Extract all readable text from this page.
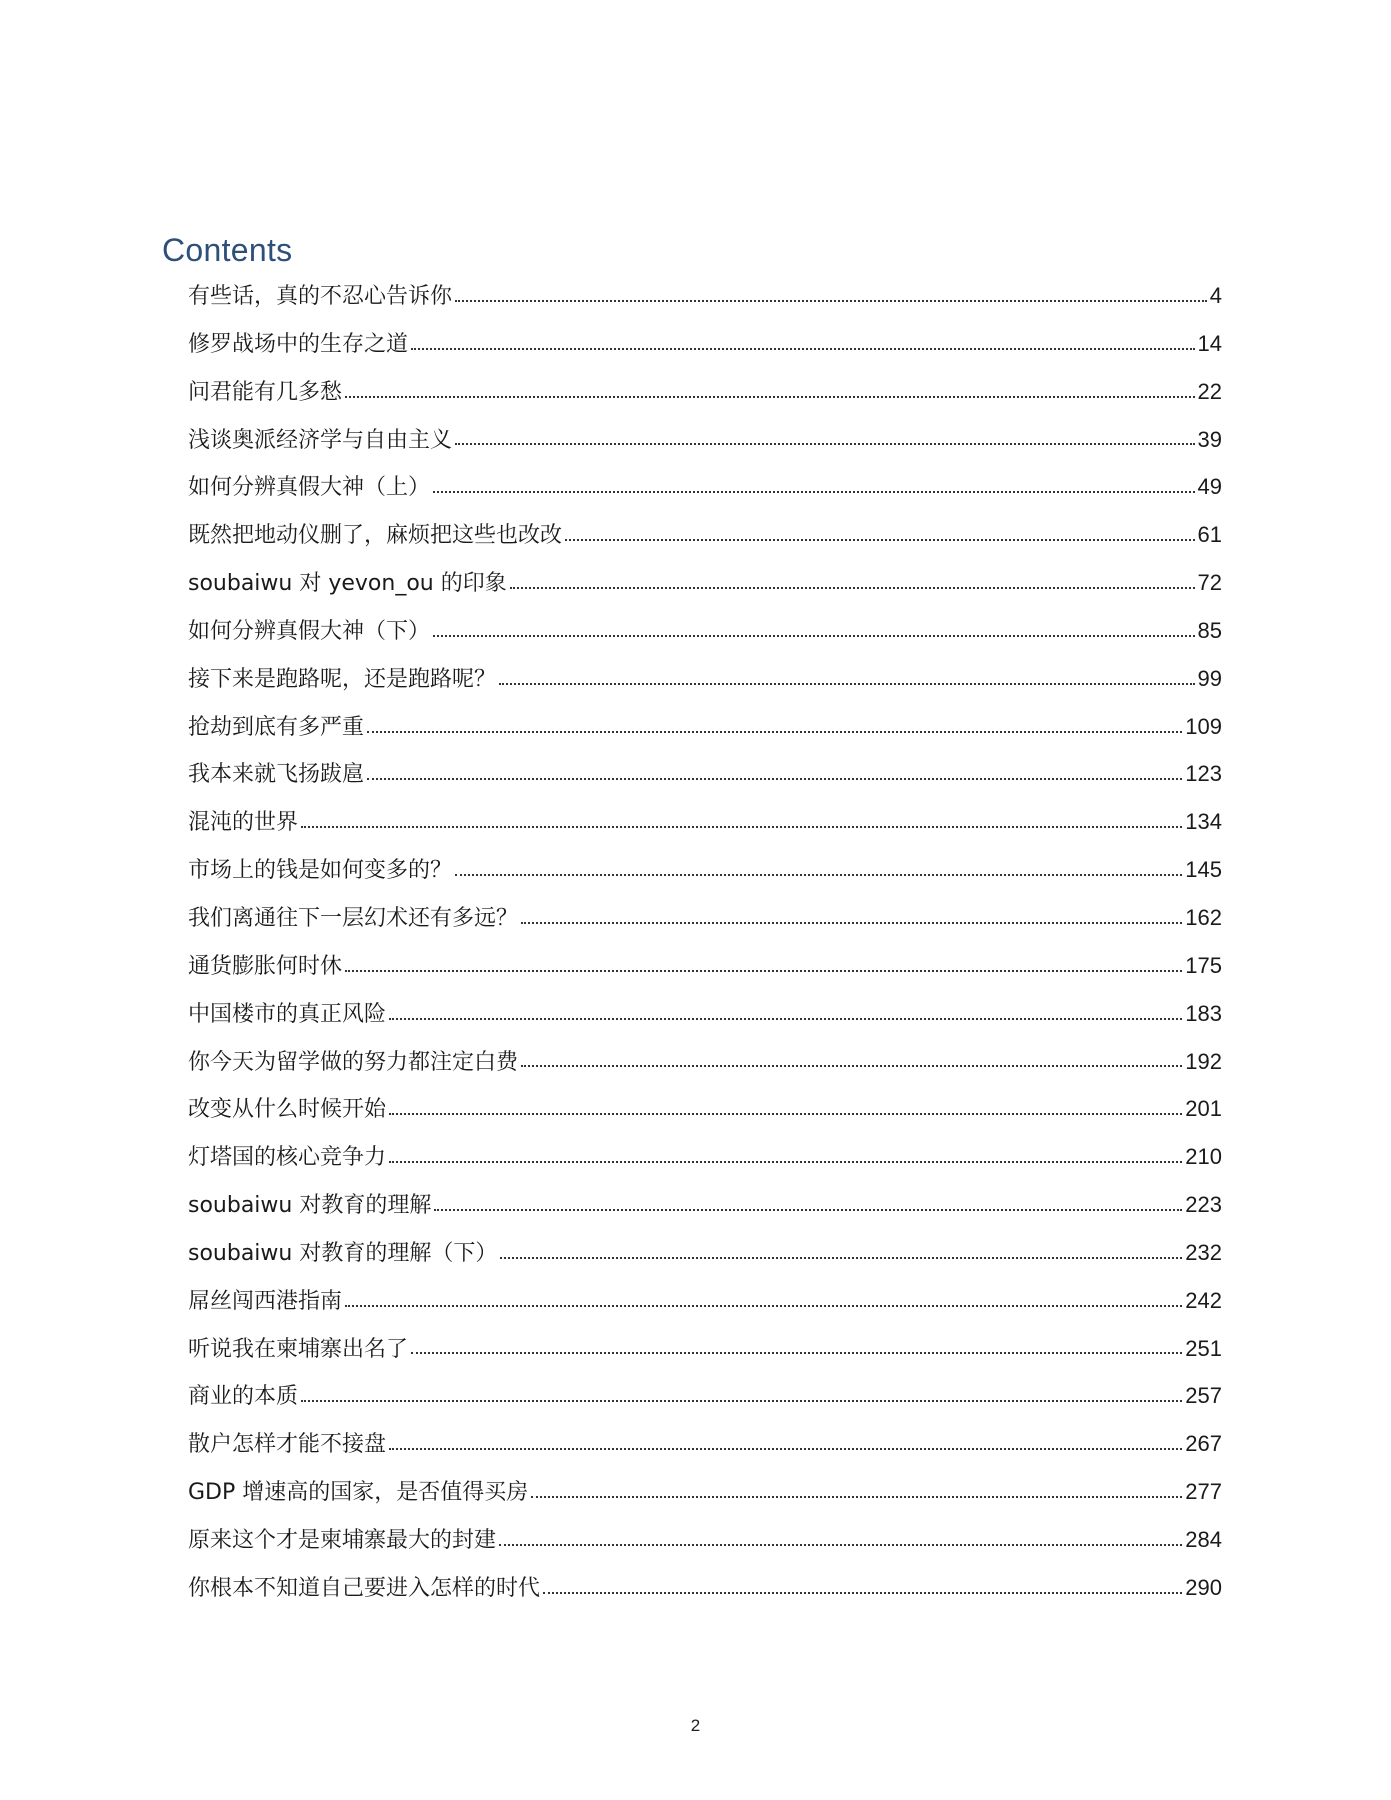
Contents
有些话，真的不忍心告诉你	4
修罗战场中的生存之道	14
问君能有几多愁	22
浅谈奥派经济学与自由主义	39
如何分辨真假大神（上）	49
既然把地动仪删了，麻烦把这些也改改	61
soubaiwu 对 yevon_ou 的印象	72
如何分辨真假大神（下）	85
接下来是跑路呢，还是跑路呢？	99
抢劫到底有多严重	109
我本来就飞扬跋扈	123
混沌的世界	134
市场上的钱是如何变多的？	145
我们离通往下一层幻术还有多远？	162
通货膨胀何时休	175
中国楼市的真正风险	183
你今天为留学做的努力都注定白费	192
改变从什么时候开始	201
灯塔国的核心竞争力	210
soubaiwu 对教育的理解	223
soubaiwu 对教育的理解（下）	232
屌丝闯西港指南	242
听说我在柬埔寨出名了	251
商业的本质	257
散户怎样才能不接盘	267
GDP 增速高的国家，是否值得买房	277
原来这个才是柬埔寨最大的封建	284
你根本不知道自己要进入怎样的时代	290
2
